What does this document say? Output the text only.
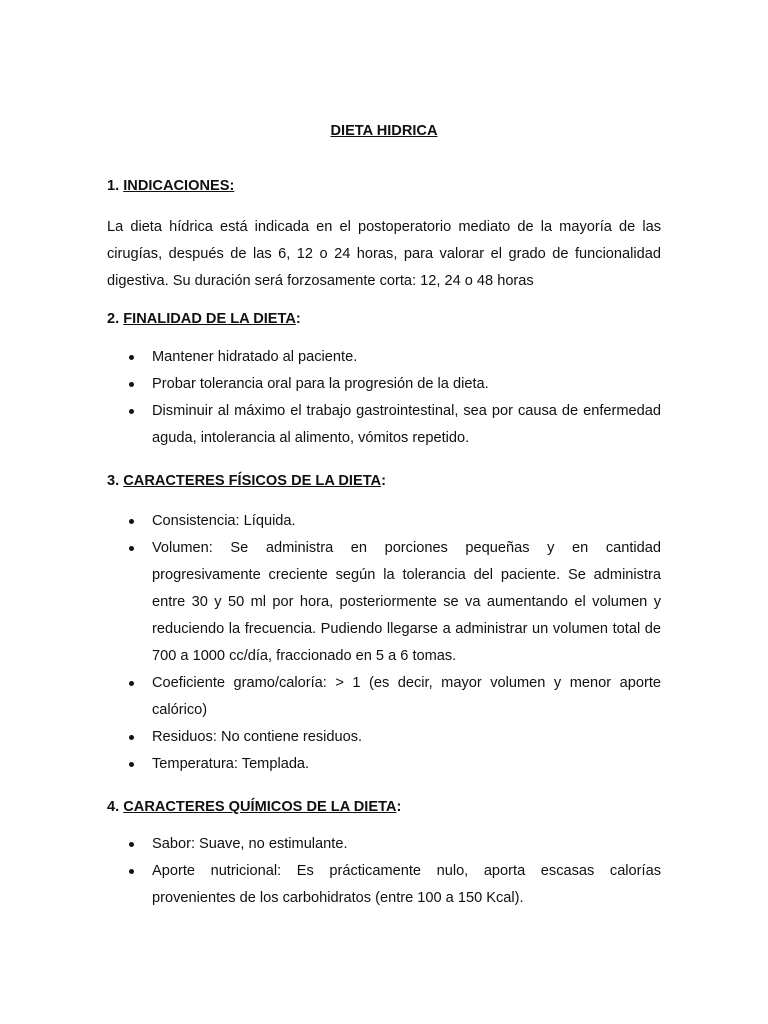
DIETA HIDRICA

1. INDICACIONES:

La dieta hídrica está indicada en el postoperatorio mediato de la mayoría de las cirugías, después de las 6, 12 o 24 horas, para valorar el grado de funcionalidad digestiva. Su duración será forzosamente corta: 12, 24 o 48 horas

2. FINALIDAD DE LA DIETA:

Mantener hidratado al paciente.
Probar tolerancia oral para la progresión de la dieta.
Disminuir al máximo el trabajo gastrointestinal, sea por causa de enfermedad aguda, intolerancia al alimento, vómitos repetido.

3. CARACTERES FÍSICOS DE LA DIETA:

Consistencia: Líquida.
Volumen: Se administra en porciones pequeñas y en cantidad progresivamente creciente según la tolerancia del paciente. Se administra entre 30 y 50 ml por hora, posteriormente se va aumentando el volumen y reduciendo la frecuencia. Pudiendo llegarse a administrar un volumen total de 700 a 1000 cc/día, fraccionado en 5 a 6 tomas.
Coeficiente gramo/caloría: > 1 (es decir, mayor volumen y menor aporte calórico)
Residuos: No contiene residuos.
Temperatura: Templada.

4. CARACTERES QUÍMICOS DE LA DIETA:

Sabor: Suave, no estimulante.
Aporte nutricional: Es prácticamente nulo, aporta escasas calorías provenientes de los carbohidratos (entre 100 a 150 Kcal).
